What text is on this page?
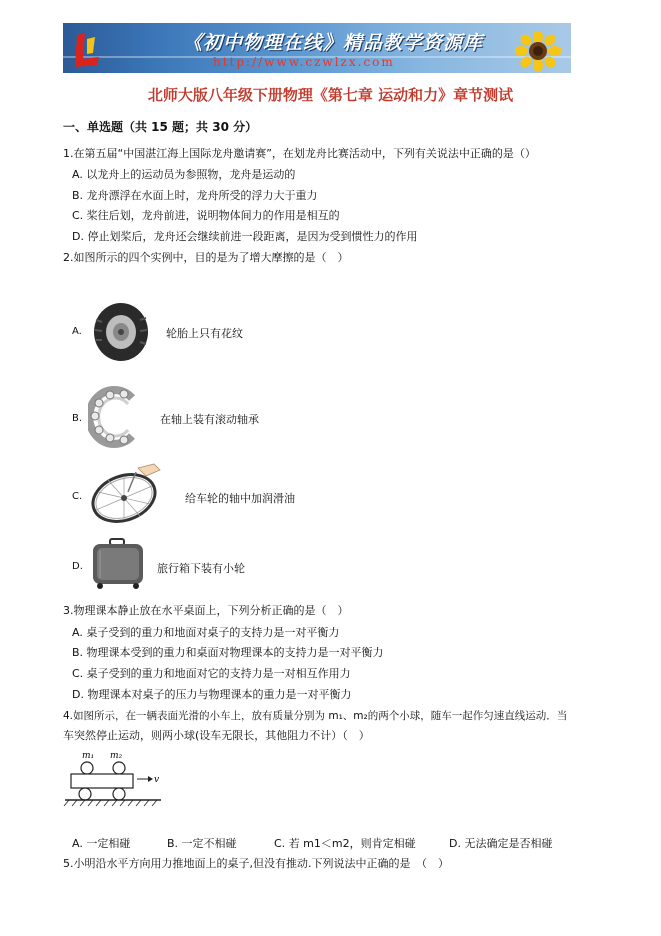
《初中物理在线》精品教学资源库
http://www.czwlzx.com
北师大版八年级下册物理《第七章 运动和力》章节测试
一、单选题（共 15 题；共 30 分）
1.在第五届“中国湛江海上国际龙舟邀请赛”，在划龙舟比赛活动中，下列有关说法中正确的是（）
A. 以龙舟上的运动员为参照物，龙舟是运动的
B. 龙舟漂浮在水面上时，龙舟所受的浮力大于重力
C. 桨往后划，龙舟前进，说明物体间力的作用是相互的
D. 停止划桨后，龙舟还会继续前进一段距离，是因为受到惯性力的作用
2.如图所示的四个实例中，目的是为了增大摩擦的是（　）
A.	轮胎上只有花纹
B.	在轴上装有滚动轴承
C.	给车轮的轴中加润滑油
D.	旅行箱下装有小轮
3.物理课本静止放在水平桌面上，下列分析正确的是（　）
A. 桌子受到的重力和地面对桌子的支持力是一对平衡力
B. 物理课本受到的重力和桌面对物理课本的支持力是一对平衡力
C. 桌子受到的重力和地面对它的支持力是一对相互作用力
D. 物理课本对桌子的压力与物理课本的重力是一对平衡力
4.如图所示，在一辆表面光滑的小车上，放有质量分别为 m₁、m₂的两个小球，随车一起作匀速直线运动．当
车突然停止运动，则两小球(设车无限长，其他阻力不计）（　）
m₁ m₂
v
A. 一定相碰	B. 一定不相碰	C. 若 m1＜m2，则肯定相碰	D. 无法确定是否相碰
5.小明沿水平方向用力推地面上的桌子,但没有推动.下列说法中正确的是　（　）
